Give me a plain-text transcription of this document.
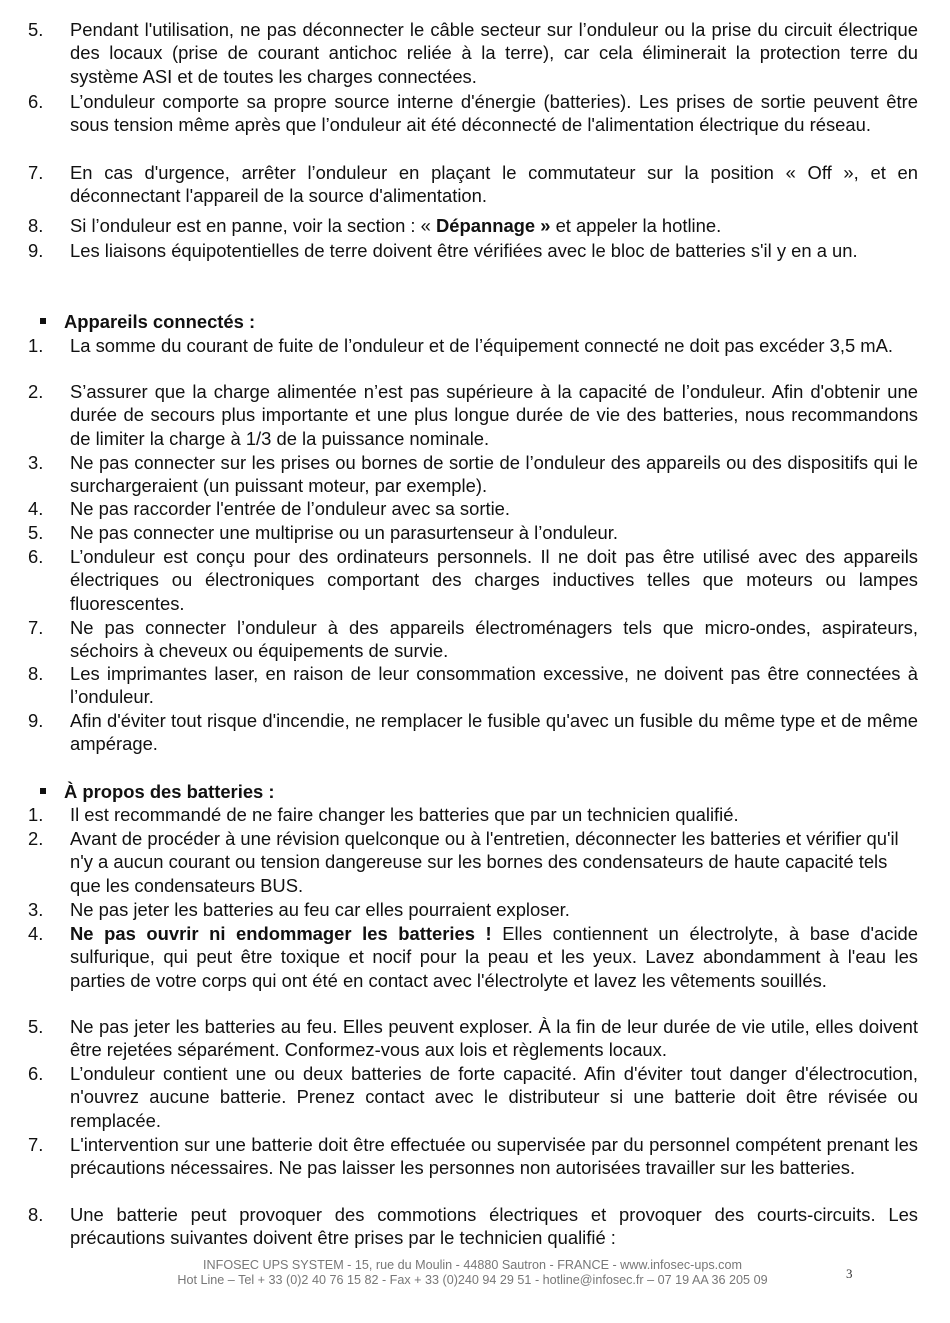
5.	Pendant l'utilisation, ne pas déconnecter le câble secteur sur l’onduleur ou la prise du circuit électrique des locaux (prise de courant antichoc reliée à la terre), car cela éliminerait la protection terre du système ASI et de toutes les charges connectées.
6.	L’onduleur comporte sa propre source interne d'énergie (batteries). Les prises de sortie peuvent être sous tension même après que l’onduleur ait été déconnecté de l'alimentation électrique du réseau.
7.	En cas d'urgence, arrêter l’onduleur en plaçant le commutateur sur la position « Off », et en déconnectant l'appareil de la source d'alimentation.
8.	Si l’onduleur est en panne, voir la section : « Dépannage » et appeler la hotline.
9.	Les liaisons équipotentielles de terre doivent être vérifiées avec le bloc de batteries s'il y en a un.
Appareils connectés :
1.	La somme du courant de fuite de l’onduleur et de l’équipement connecté ne doit pas excéder 3,5 mA.
2.	S’assurer que la charge alimentée n’est pas supérieure à la capacité de l’onduleur. Afin d'obtenir une durée de secours plus importante et une plus longue durée de vie des batteries, nous recommandons de limiter la charge à 1/3 de la puissance nominale.
3.	Ne pas connecter sur les prises ou bornes de sortie de l’onduleur des appareils ou des dispositifs qui le surchargeraient (un puissant moteur, par exemple).
4.	Ne pas raccorder l'entrée de l’onduleur avec sa sortie.
5.	Ne pas connecter une multiprise ou un parasurtenseur à l’onduleur.
6.	L’onduleur est conçu pour des ordinateurs personnels. Il ne doit pas être utilisé avec des appareils électriques ou électroniques comportant des charges inductives telles que moteurs ou lampes fluorescentes.
7.	Ne pas connecter l’onduleur à des appareils électroménagers tels que micro-ondes, aspirateurs, séchoirs à cheveux ou équipements de survie.
8.	Les imprimantes laser, en raison de leur consommation excessive, ne doivent pas être connectées à l’onduleur.
9.	Afin d'éviter tout risque d'incendie, ne remplacer le fusible qu'avec un fusible du même type et de même ampérage.
À propos des batteries :
1.	Il est recommandé de ne faire changer les batteries que par un technicien qualifié.
2.	Avant de procéder à une révision quelconque ou à l'entretien, déconnecter les batteries et vérifier qu'il n'y a aucun courant ou tension dangereuse sur les bornes des condensateurs de haute capacité tels que les condensateurs BUS.
3.	Ne pas jeter les batteries au feu car elles pourraient exploser.
4.	Ne pas ouvrir ni endommager les batteries ! Elles contiennent un électrolyte, à base d'acide sulfurique, qui peut être toxique et nocif pour la peau et les yeux. Lavez abondamment à l'eau les parties de votre corps qui ont été en contact avec l'électrolyte et lavez les vêtements souillés.
5.	Ne pas jeter les batteries au feu. Elles peuvent exploser. À la fin de leur durée de vie utile, elles doivent être rejetées séparément. Conformez-vous aux lois et règlements locaux.
6.	L’onduleur contient une ou deux batteries de forte capacité. Afin d'éviter tout danger d'électrocution, n'ouvrez aucune batterie. Prenez contact avec le distributeur si une batterie doit être révisée ou remplacée.
7.	L'intervention sur une batterie doit être effectuée ou supervisée par du personnel compétent prenant les précautions nécessaires. Ne pas laisser les personnes non autorisées travailler sur les batteries.
8.	Une batterie peut provoquer des commotions électriques et provoquer des courts-circuits. Les précautions suivantes doivent être prises par le technicien qualifié :
INFOSEC UPS SYSTEM - 15, rue du Moulin - 44880 Sautron - FRANCE - www.infosec-ups.com
Hot Line – Tel + 33 (0)2 40 76 15 82 - Fax + 33 (0)240 94 29 51 - hotline@infosec.fr – 07 19 AA 36 205 09	3
